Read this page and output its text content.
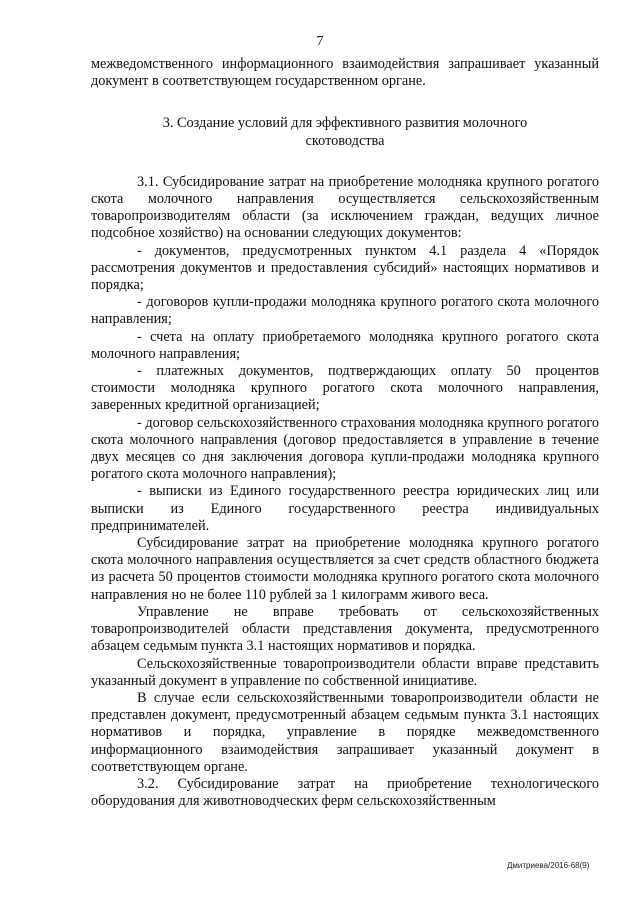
7

межведомственного информационного взаимодействия запрашивает указанный документ в соответствующем государственном органе.

3. Создание условий для эффективного развития молочного
скотоводства

3.1. Субсидирование затрат на приобретение молодняка крупного рогатого скота молочного направления осуществляется сельскохозяйственным товаропроизводителям области (за исключением граждан, ведущих личное подсобное хозяйство) на основании следующих документов:

- документов, предусмотренных пунктом 4.1 раздела 4 «Порядок рассмотрения документов и предоставления субсидий» настоящих нормативов и порядка;

- договоров купли-продажи молодняка крупного рогатого скота молочного направления;

- счета на оплату приобретаемого молодняка крупного рогатого скота молочного направления;

- платежных документов, подтверждающих оплату 50 процентов стоимости молодняка крупного рогатого скота молочного направления, заверенных кредитной организацией;

- договор сельскохозяйственного страхования молодняка крупного рогатого скота молочного направления (договор предоставляется в управление в течение двух месяцев со дня заключения договора купли-продажи молодняка крупного рогатого скота молочного направления);

- выписки из Единого государственного реестра юридических лиц или выписки из Единого государственного реестра индивидуальных предпринимателей.

Субсидирование затрат на приобретение молодняка крупного рогатого скота молочного направления осуществляется за счет средств областного бюджета из расчета 50 процентов стоимости молодняка крупного рогатого скота молочного направления но не более 110 рублей за 1 килограмм живого веса.

Управление не вправе требовать от сельскохозяйственных товаропроизводителей области представления документа, предусмотренного абзацем седьмым пункта 3.1 настоящих нормативов и порядка.

Сельскохозяйственные товаропроизводители области вправе представить указанный документ в управление по собственной инициативе.

В случае если сельскохозяйственными товаропроизводители области не представлен документ, предусмотренный абзацем седьмым пункта 3.1 настоящих нормативов и порядка, управление в порядке межведомственного информационного взаимодействия запрашивает указанный документ в соответствующем органе.

3.2. Субсидирование затрат на приобретение технологического оборудования для животноводческих ферм сельскохозяйственным

Дмитриева/2016-68(9)
